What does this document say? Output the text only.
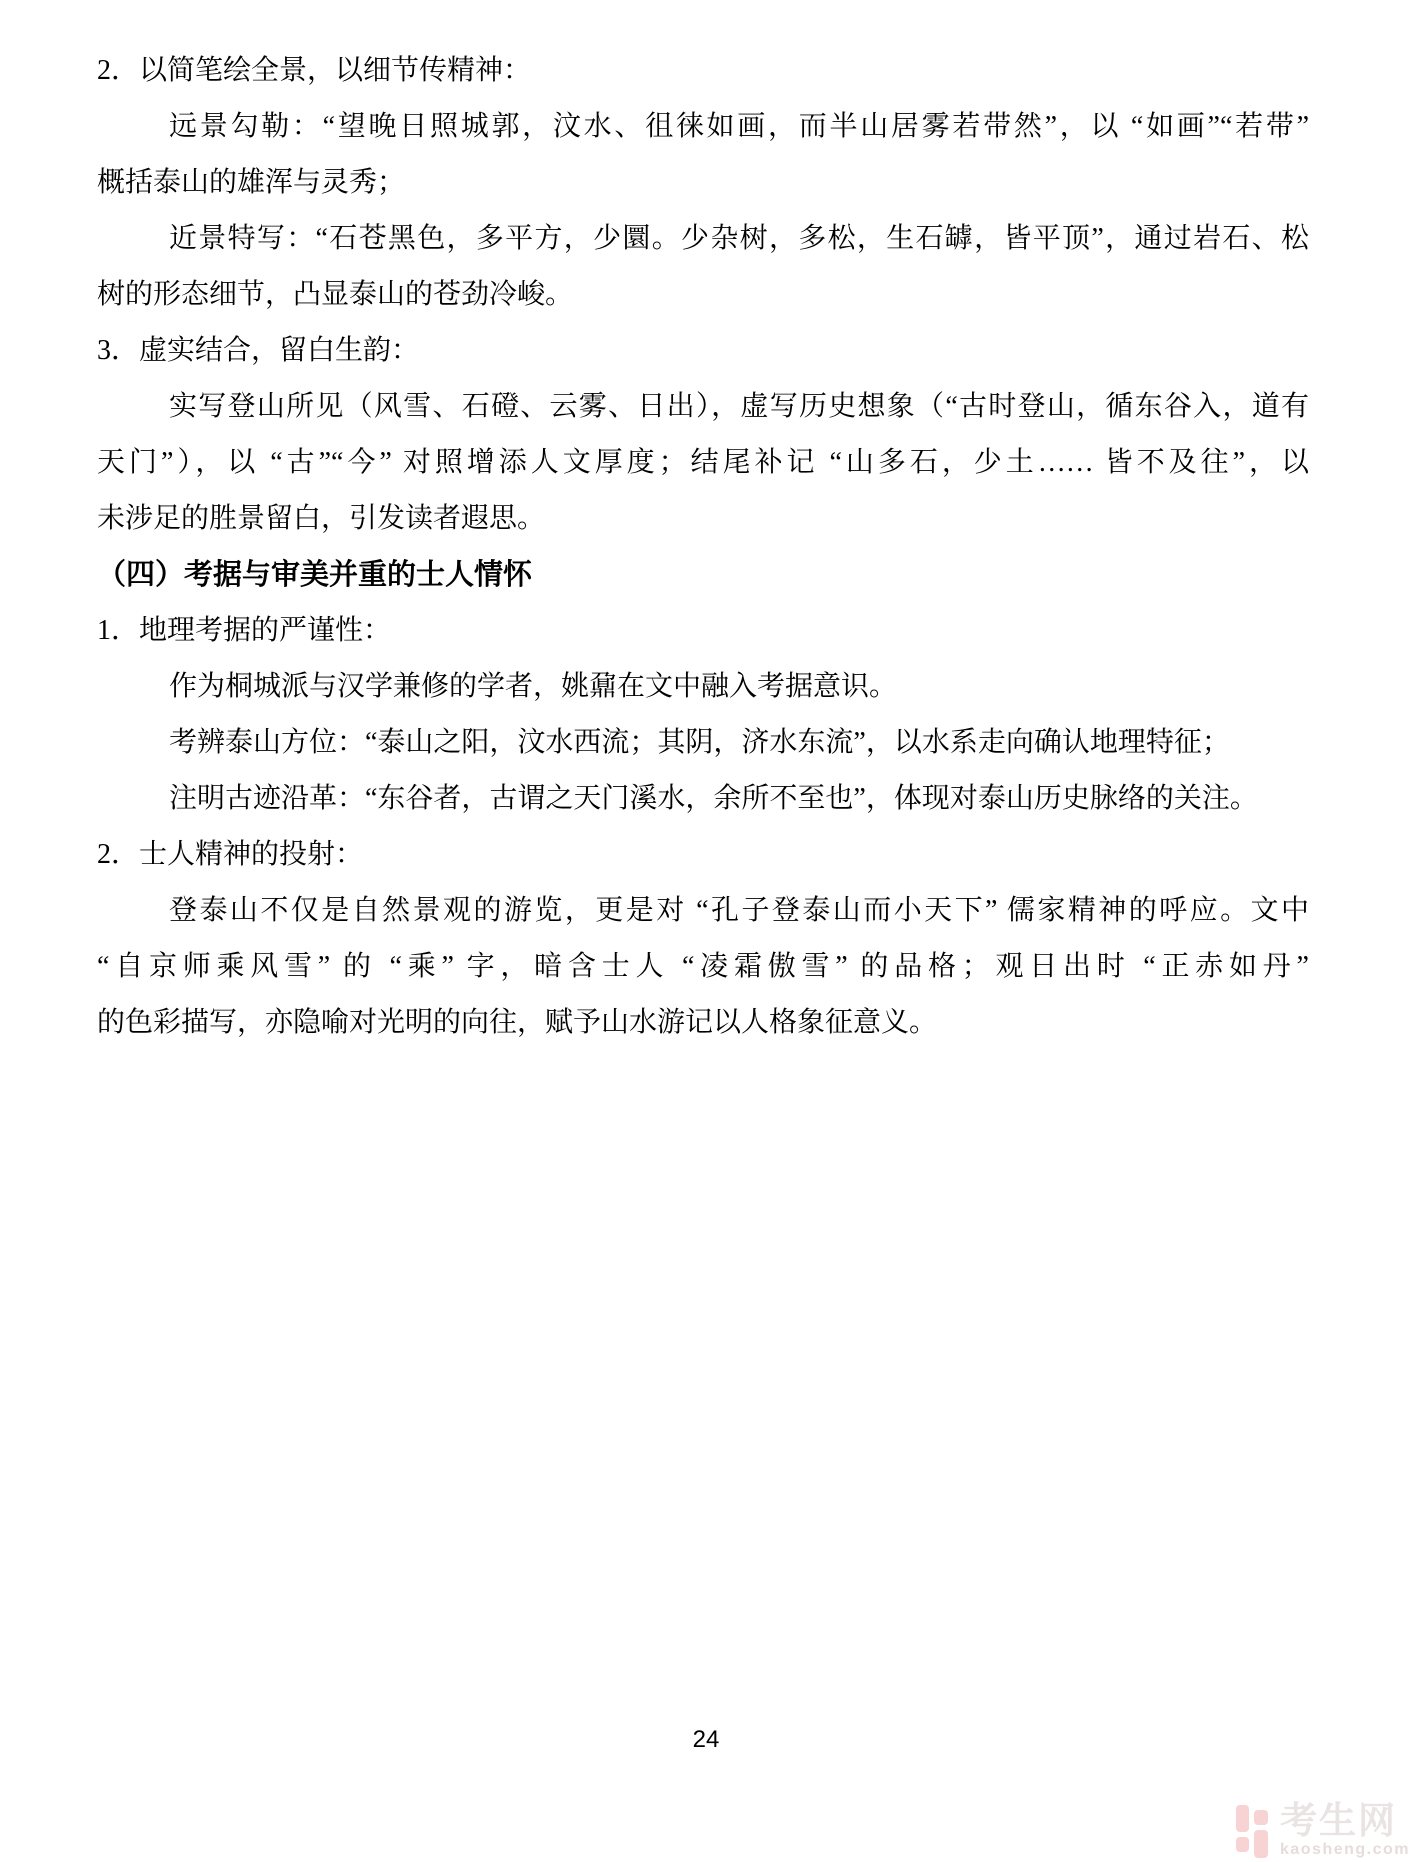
2．以简笔绘全景，以细节传精神：
远景勾勒：“望晚日照城郭，汶水、徂徕如画，而半山居雾若带然”，以 “如画”“若带”
概括泰山的雄浑与灵秀；
近景特写：“石苍黑色，多平方，少圜。少杂树，多松，生石罅，皆平顶”，通过岩石、松
树的形态细节，凸显泰山的苍劲冷峻。
3．虚实结合，留白生韵：
实写登山所见（风雪、石磴、云雾、日出），虚写历史想象（“古时登山，循东谷入，道有
天门”），以 “古”“今” 对照增添人文厚度；结尾补记 “山多石，少土…… 皆不及往”，以
未涉足的胜景留白，引发读者遐思。
（四）考据与审美并重的士人情怀
1．地理考据的严谨性：
作为桐城派与汉学兼修的学者，姚鼐在文中融入考据意识。
考辨泰山方位：“泰山之阳，汶水西流；其阴，济水东流”，以水系走向确认地理特征；
注明古迹沿革：“东谷者，古谓之天门溪水，余所不至也”，体现对泰山历史脉络的关注。
2．士人精神的投射：
登泰山不仅是自然景观的游览，更是对 “孔子登泰山而小天下” 儒家精神的呼应。文中
“自京师乘风雪” 的 “乘” 字，暗含士人 “凌霜傲雪” 的品格；观日出时 “正赤如丹”
的色彩描写，亦隐喻对光明的向往，赋予山水游记以人格象征意义。
24
考生网
kaosheng.com
